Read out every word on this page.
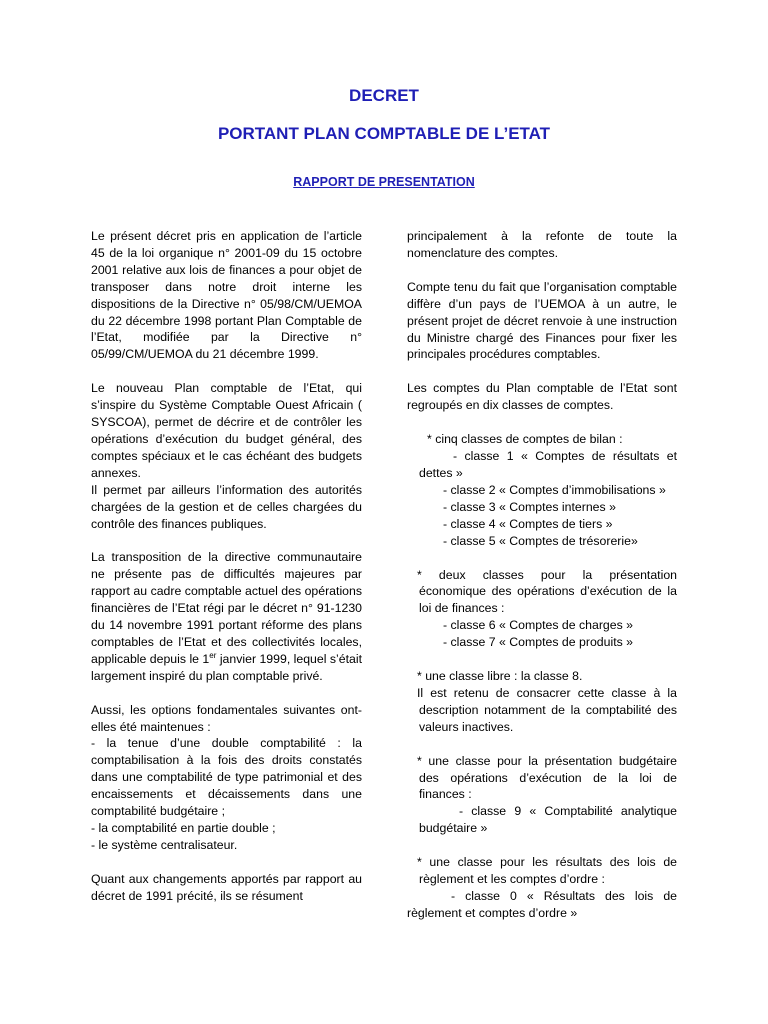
DECRET
PORTANT PLAN COMPTABLE DE L’ETAT
RAPPORT DE PRESENTATION

Le présent décret pris en application de l’article 45 de la loi organique n° 2001-09 du 15 octobre 2001 relative aux lois de finances a pour objet de transposer dans notre droit interne les dispositions de la Directive n° 05/98/CM/UEMOA du 22 décembre 1998 portant Plan Comptable de l’Etat, modifiée par la Directive n° 05/99/CM/UEMOA du 21 décembre 1999.

Le nouveau Plan comptable de l’Etat, qui s’inspire du Système Comptable Ouest Africain ( SYSCOA), permet de décrire et de contrôler les opérations d’exécution du budget général, des comptes spéciaux et le cas échéant des budgets annexes.

Il permet par ailleurs l’information des autorités chargées de la gestion et de celles chargées du contrôle des finances publiques.

La transposition de la directive communautaire ne présente pas de difficultés majeures par rapport au cadre comptable actuel des opérations financières de l’Etat régi par le décret n° 91-1230 du 14 novembre 1991 portant réforme des plans comptables de l’Etat et des collectivités locales, applicable depuis le 1er janvier 1999, lequel s’était largement inspiré du plan comptable privé.

Aussi, les options fondamentales suivantes ont-elles été maintenues :

- la tenue d’une double comptabilité : la comptabilisation à la fois des droits constatés dans une comptabilité de type patrimonial et des encaissements et décaissements dans une comptabilité budgétaire ;

- la comptabilité en partie double ;

- le système centralisateur.

Quant aux changements apportés par rapport au décret de 1991 précité, ils se résument

principalement à la refonte de toute la nomenclature des comptes.

Compte tenu du fait que l’organisation comptable diffère d’un pays de l’UEMOA à un autre, le présent projet de décret renvoie à une instruction du Ministre chargé des Finances pour fixer les principales procédures comptables.

Les comptes du Plan comptable de l’Etat sont regroupés en dix classes de comptes.

* cinq classes de comptes de bilan :

- classe 1 « Comptes de résultats et dettes »

- classe 2 « Comptes d’immobilisations »

- classe 3 « Comptes internes »

- classe 4 « Comptes de tiers »

- classe 5 « Comptes de trésorerie»

* deux classes pour la présentation économique des opérations d’exécution de la loi de finances :

- classe 6 « Comptes de charges »

- classe 7 « Comptes de produits »

* une classe libre : la classe 8.

Il est retenu de consacrer cette classe à la description notamment de la comptabilité des valeurs inactives.

* une classe pour la présentation budgétaire des opérations d’exécution de la loi de finances :

- classe 9 « Comptabilité analytique budgétaire »

* une classe pour les résultats des lois de règlement et les comptes d’ordre :

- classe 0 « Résultats des lois de règlement et comptes d’ordre »
